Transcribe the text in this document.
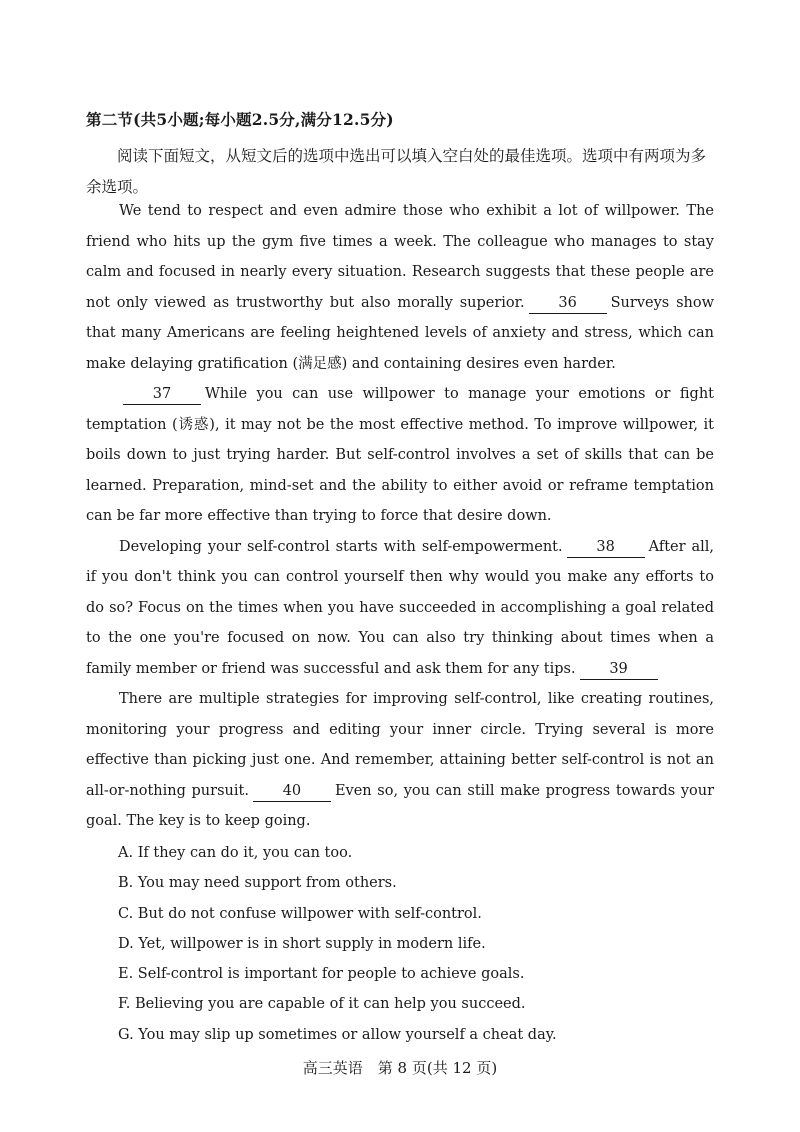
第二节(共5小题;每小题2.5分,满分12.5分)
阅读下面短文，从短文后的选项中选出可以填入空白处的最佳选项。选项中有两项为多余选项。

We tend to respect and even admire those who exhibit a lot of willpower. The friend who hits up the gym five times a week. The colleague who manages to stay calm and focused in nearly every situation. Research suggests that these people are not only viewed as trustworthy but also morally superior. 36 Surveys show that many Americans are feeling heightened levels of anxiety and stress, which can make delaying gratification (满足感) and containing desires even harder.

37 While you can use willpower to manage your emotions or fight temptation (诱惑), it may not be the most effective method. To improve willpower, it boils down to just trying harder. But self-control involves a set of skills that can be learned. Preparation, mind-set and the ability to either avoid or reframe temptation can be far more effective than trying to force that desire down.

Developing your self-control starts with self-empowerment. 38 After all, if you don't think you can control yourself then why would you make any efforts to do so? Focus on the times when you have succeeded in accomplishing a goal related to the one you're focused on now. You can also try thinking about times when a family member or friend was successful and ask them for any tips. 39

There are multiple strategies for improving self-control, like creating routines, monitoring your progress and editing your inner circle. Trying several is more effective than picking just one. And remember, attaining better self-control is not an all-or-nothing pursuit. 40 Even so, you can still make progress towards your goal. The key is to keep going.

A. If they can do it, you can too.
B. You may need support from others.
C. But do not confuse willpower with self-control.
D. Yet, willpower is in short supply in modern life.
E. Self-control is important for people to achieve goals.
F. Believing you are capable of it can help you succeed.
G. You may slip up sometimes or allow yourself a cheat day.
高三英语　第 8 页(共 12 页)
